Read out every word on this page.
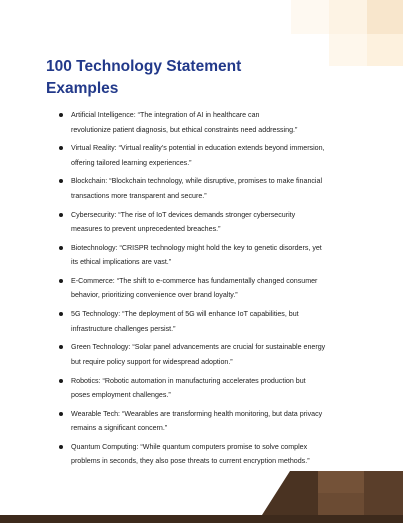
100 Technology Statement
Examples
Artificial Intelligence: “The integration of AI in healthcare can
revolutionize patient diagnosis, but ethical constraints need addressing.”
Virtual Reality: “Virtual reality’s potential in education extends beyond immersion,
offering tailored learning experiences.”
Blockchain: “Blockchain technology, while disruptive, promises to make financial
transactions more transparent and secure.”
Cybersecurity: “The rise of IoT devices demands stronger cybersecurity
measures to prevent unprecedented breaches.”
Biotechnology: “CRISPR technology might hold the key to genetic disorders, yet
its ethical implications are vast.”
E-Commerce: “The shift to e-commerce has fundamentally changed consumer
behavior, prioritizing convenience over brand loyalty.”
5G Technology: “The deployment of 5G will enhance IoT capabilities, but
infrastructure challenges persist.”
Green Technology: “Solar panel advancements are crucial for sustainable energy
but require policy support for widespread adoption.”
Robotics: “Robotic automation in manufacturing accelerates production but
poses employment challenges.”
Wearable Tech: “Wearables are transforming health monitoring, but data privacy
remains a significant concern.”
Quantum Computing: “While quantum computers promise to solve complex
problems in seconds, they also pose threats to current encryption methods.”
